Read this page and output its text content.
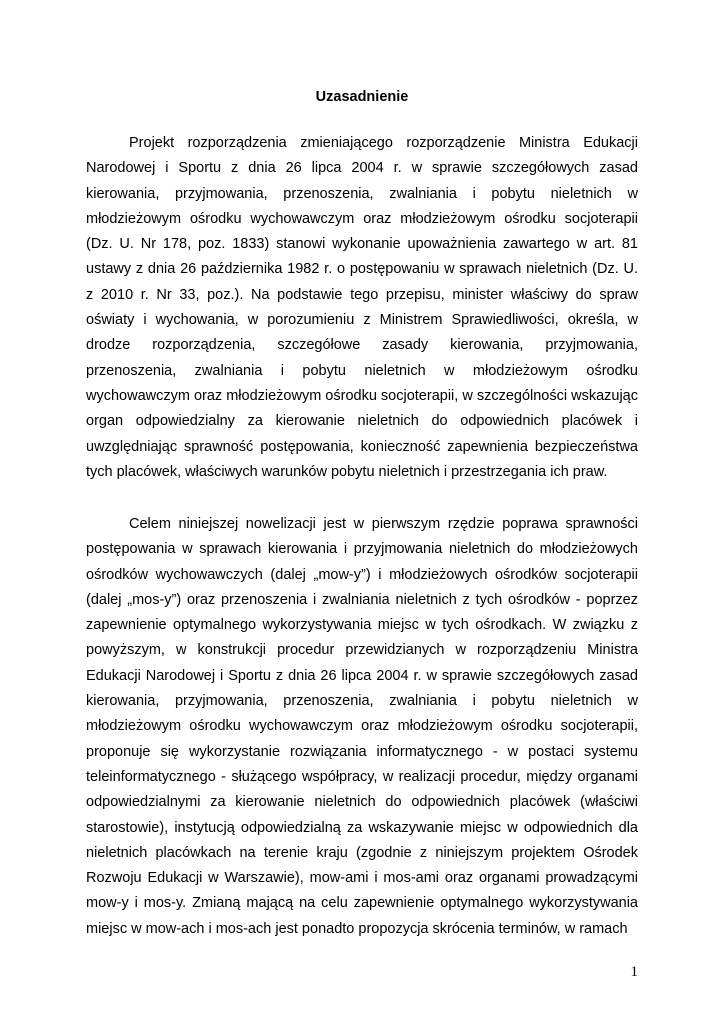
Uzasadnienie

Projekt rozporządzenia zmieniającego rozporządzenie Ministra Edukacji Narodowej i Sportu z dnia 26 lipca 2004 r. w sprawie szczegółowych zasad kierowania, przyjmowania, przenoszenia, zwalniania i pobytu nieletnich w młodzieżowym ośrodku wychowawczym oraz młodzieżowym ośrodku socjoterapii (Dz. U. Nr 178, poz. 1833) stanowi wykonanie upoważnienia zawartego w art. 81 ustawy z dnia 26 października 1982 r. o postępowaniu w sprawach nieletnich (Dz. U. z 2010 r. Nr 33, poz.). Na podstawie tego przepisu, minister właściwy do spraw oświaty i wychowania, w porozumieniu z Ministrem Sprawiedliwości, określa, w drodze rozporządzenia, szczegółowe zasady kierowania, przyjmowania, przenoszenia, zwalniania i pobytu nieletnich w młodzieżowym ośrodku wychowawczym oraz młodzieżowym ośrodku socjoterapii, w szczególności wskazując organ odpowiedzialny za kierowanie nieletnich do odpowiednich placówek i uwzględniając sprawność postępowania, konieczność zapewnienia bezpieczeństwa tych placówek, właściwych warunków pobytu nieletnich i przestrzegania ich praw.

Celem niniejszej nowelizacji jest w pierwszym rzędzie poprawa sprawności postępowania w sprawach kierowania i przyjmowania nieletnich do młodzieżowych ośrodków wychowawczych (dalej „mow-y”) i młodzieżowych ośrodków socjoterapii (dalej „mos-y”) oraz przenoszenia i zwalniania nieletnich z tych ośrodków - poprzez zapewnienie optymalnego wykorzystywania miejsc w tych ośrodkach. W związku z powyższym, w konstrukcji procedur przewidzianych w rozporządzeniu Ministra Edukacji Narodowej i Sportu z dnia 26 lipca 2004 r. w sprawie szczegółowych zasad kierowania, przyjmowania, przenoszenia, zwalniania i pobytu nieletnich w młodzieżowym ośrodku wychowawczym oraz młodzieżowym ośrodku socjoterapii, proponuje się wykorzystanie rozwiązania informatycznego - w postaci systemu teleinformatycznego - służącego współpracy, w realizacji procedur, między organami odpowiedzialnymi za kierowanie nieletnich do odpowiednich placówek (właściwi starostowie), instytucją odpowiedzialną za wskazywanie miejsc w odpowiednich dla nieletnich placówkach na terenie kraju (zgodnie z niniejszym projektem Ośrodek Rozwoju Edukacji w Warszawie), mow-ami i mos-ami oraz organami prowadzącymi mow-y i mos-y. Zmianą mającą na celu zapewnienie optymalnego wykorzystywania miejsc w mow-ach i mos-ach jest ponadto propozycja skrócenia terminów, w ramach

1
